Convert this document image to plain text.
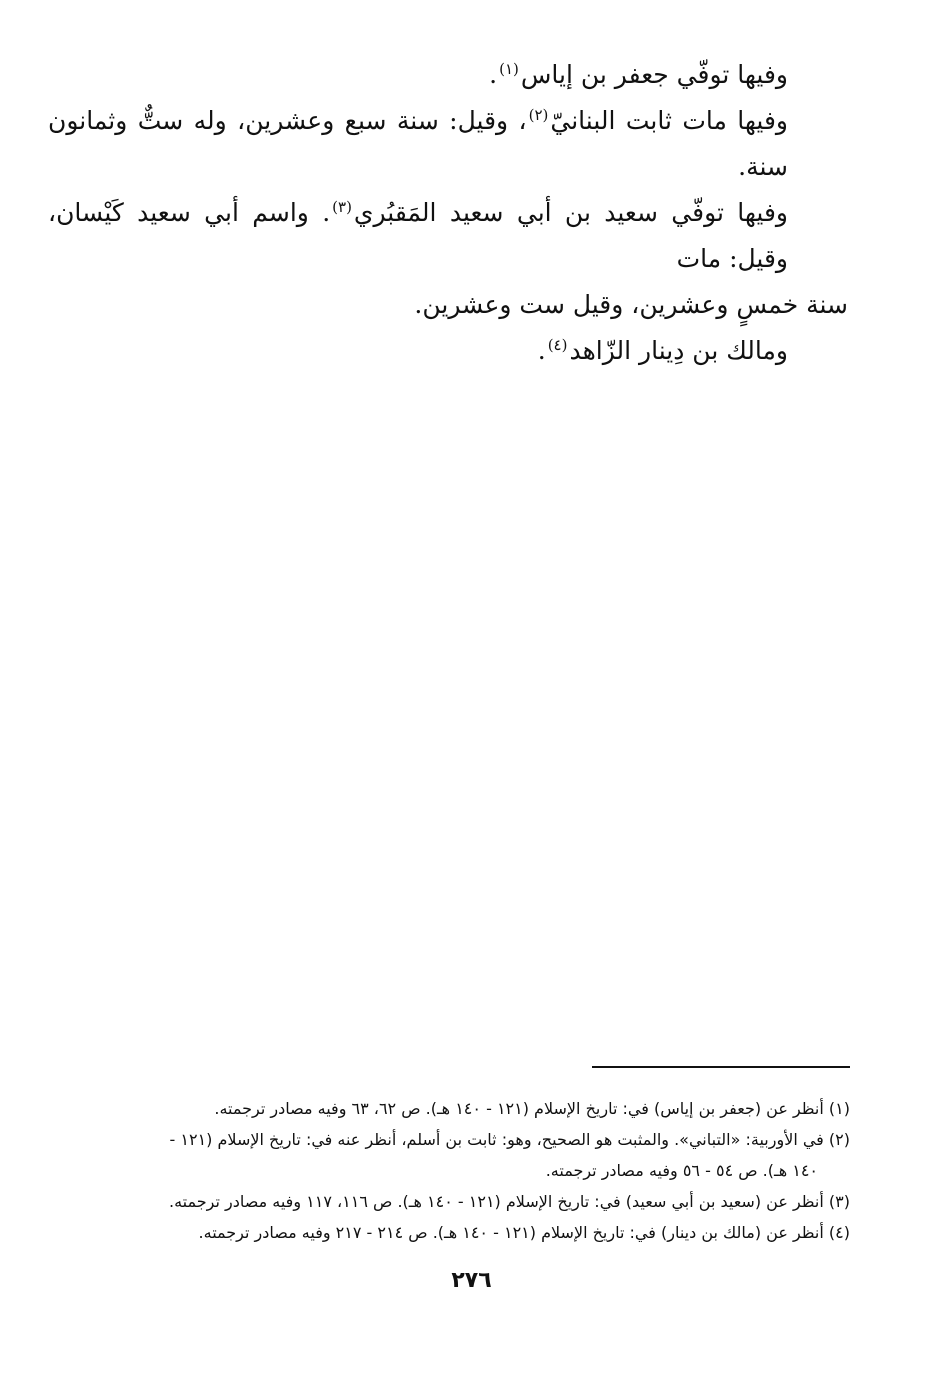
وفيها توفّي جعفر بن إياس$^{(١)}$.

وفيها مات ثابت البنانيّ$^{(٢)}$، وقيل: سنة سبع وعشرين، وله ستٌّ وثمانون سنة.

وفيها توفّي سعيد بن أبي سعيد المَقبُري$^{(٣)}$. واسم أبي سعيد كَيْسان، وقيل: مات

سنة خمسٍ وعشرين، وقيل ست وعشرين.

ومالك بن دِينار الزّاهد$^{(٤)}$.

(١) أنظر عن (جعفر بن إياس) في: تاريخ الإسلام (١٢١ - ١٤٠ هـ). ص ٦٢، ٦٣ وفيه مصادر ترجمته.

(٢) في الأوربية: «التباني». والمثبت هو الصحيح، وهو: ثابت بن أسلم، أنظر عنه في: تاريخ الإسلام (١٢١ -

١٤٠ هـ). ص ٥٤ - ٥٦ وفيه مصادر ترجمته.

(٣) أنظر عن (سعيد بن أبي سعيد) في: تاريخ الإسلام (١٢١ - ١٤٠ هـ). ص ١١٦، ١١٧ وفيه مصادر ترجمته.

(٤) أنظر عن (مالك بن دينار) في: تاريخ الإسلام (١٢١ - ١٤٠ هـ). ص ٢١٤ - ٢١٧ وفيه مصادر ترجمته.

٢٧٦
